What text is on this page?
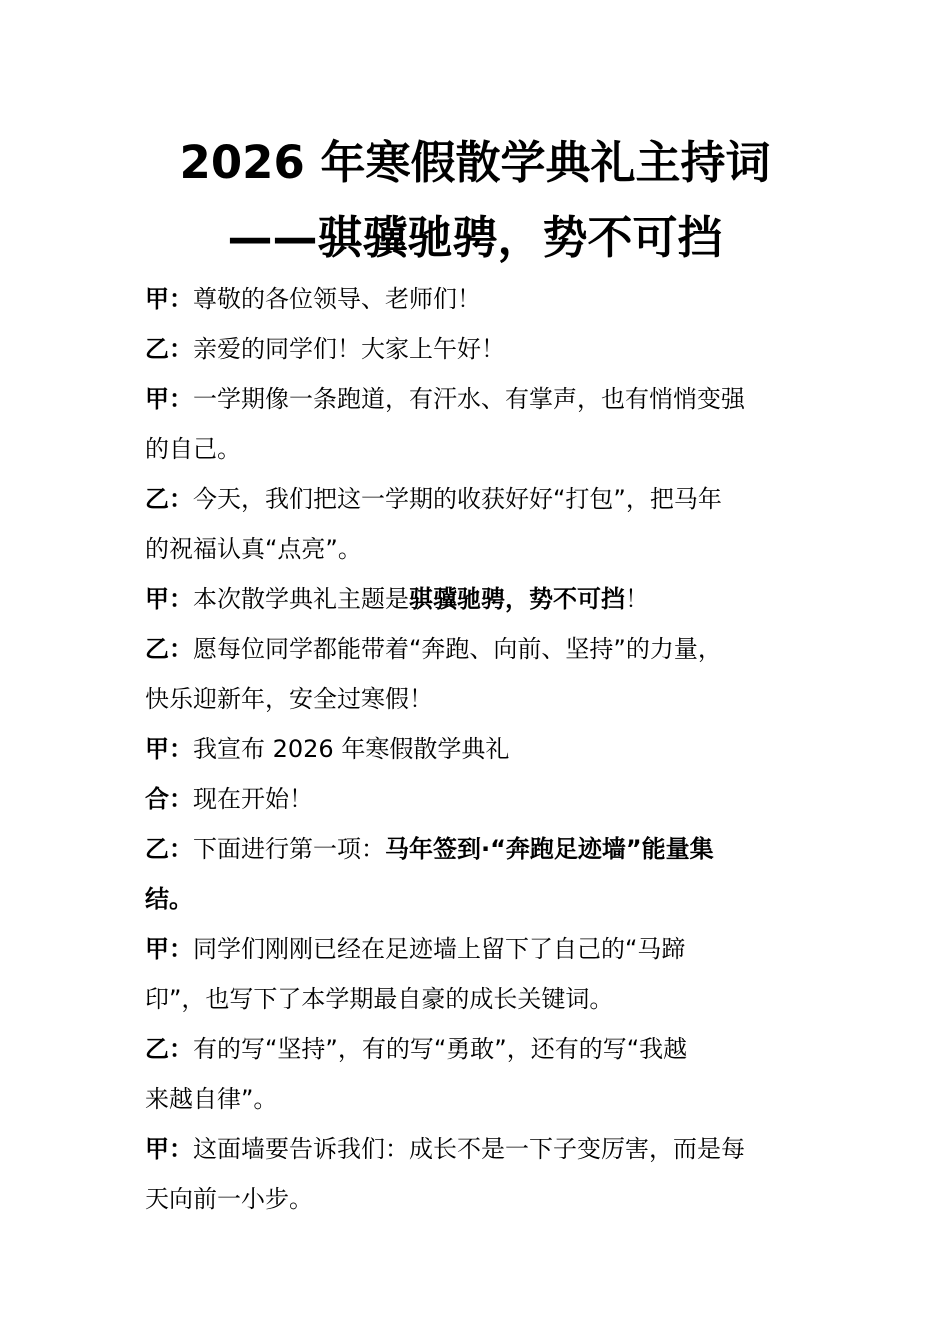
2026 年寒假散学典礼主持词
——骐骥驰骋，势不可挡
甲：尊敬的各位领导、老师们！
乙：亲爱的同学们！大家上午好！
甲：一学期像一条跑道，有汗水、有掌声，也有悄悄变强
的自己。
乙：今天，我们把这一学期的收获好好“打包”，把马年
的祝福认真“点亮”。
甲：本次散学典礼主题是骐骥驰骋，势不可挡！
乙：愿每位同学都能带着“奔跑、向前、坚持”的力量，
快乐迎新年，安全过寒假！
甲：我宣布 2026 年寒假散学典礼
合：现在开始！
乙：下面进行第一项：马年签到·“奔跑足迹墙”能量集
结。
甲：同学们刚刚已经在足迹墙上留下了自己的“马蹄
印”，也写下了本学期最自豪的成长关键词。
乙：有的写“坚持”，有的写“勇敢”，还有的写“我越
来越自律”。
甲：这面墙要告诉我们：成长不是一下子变厉害，而是每
天向前一小步。
